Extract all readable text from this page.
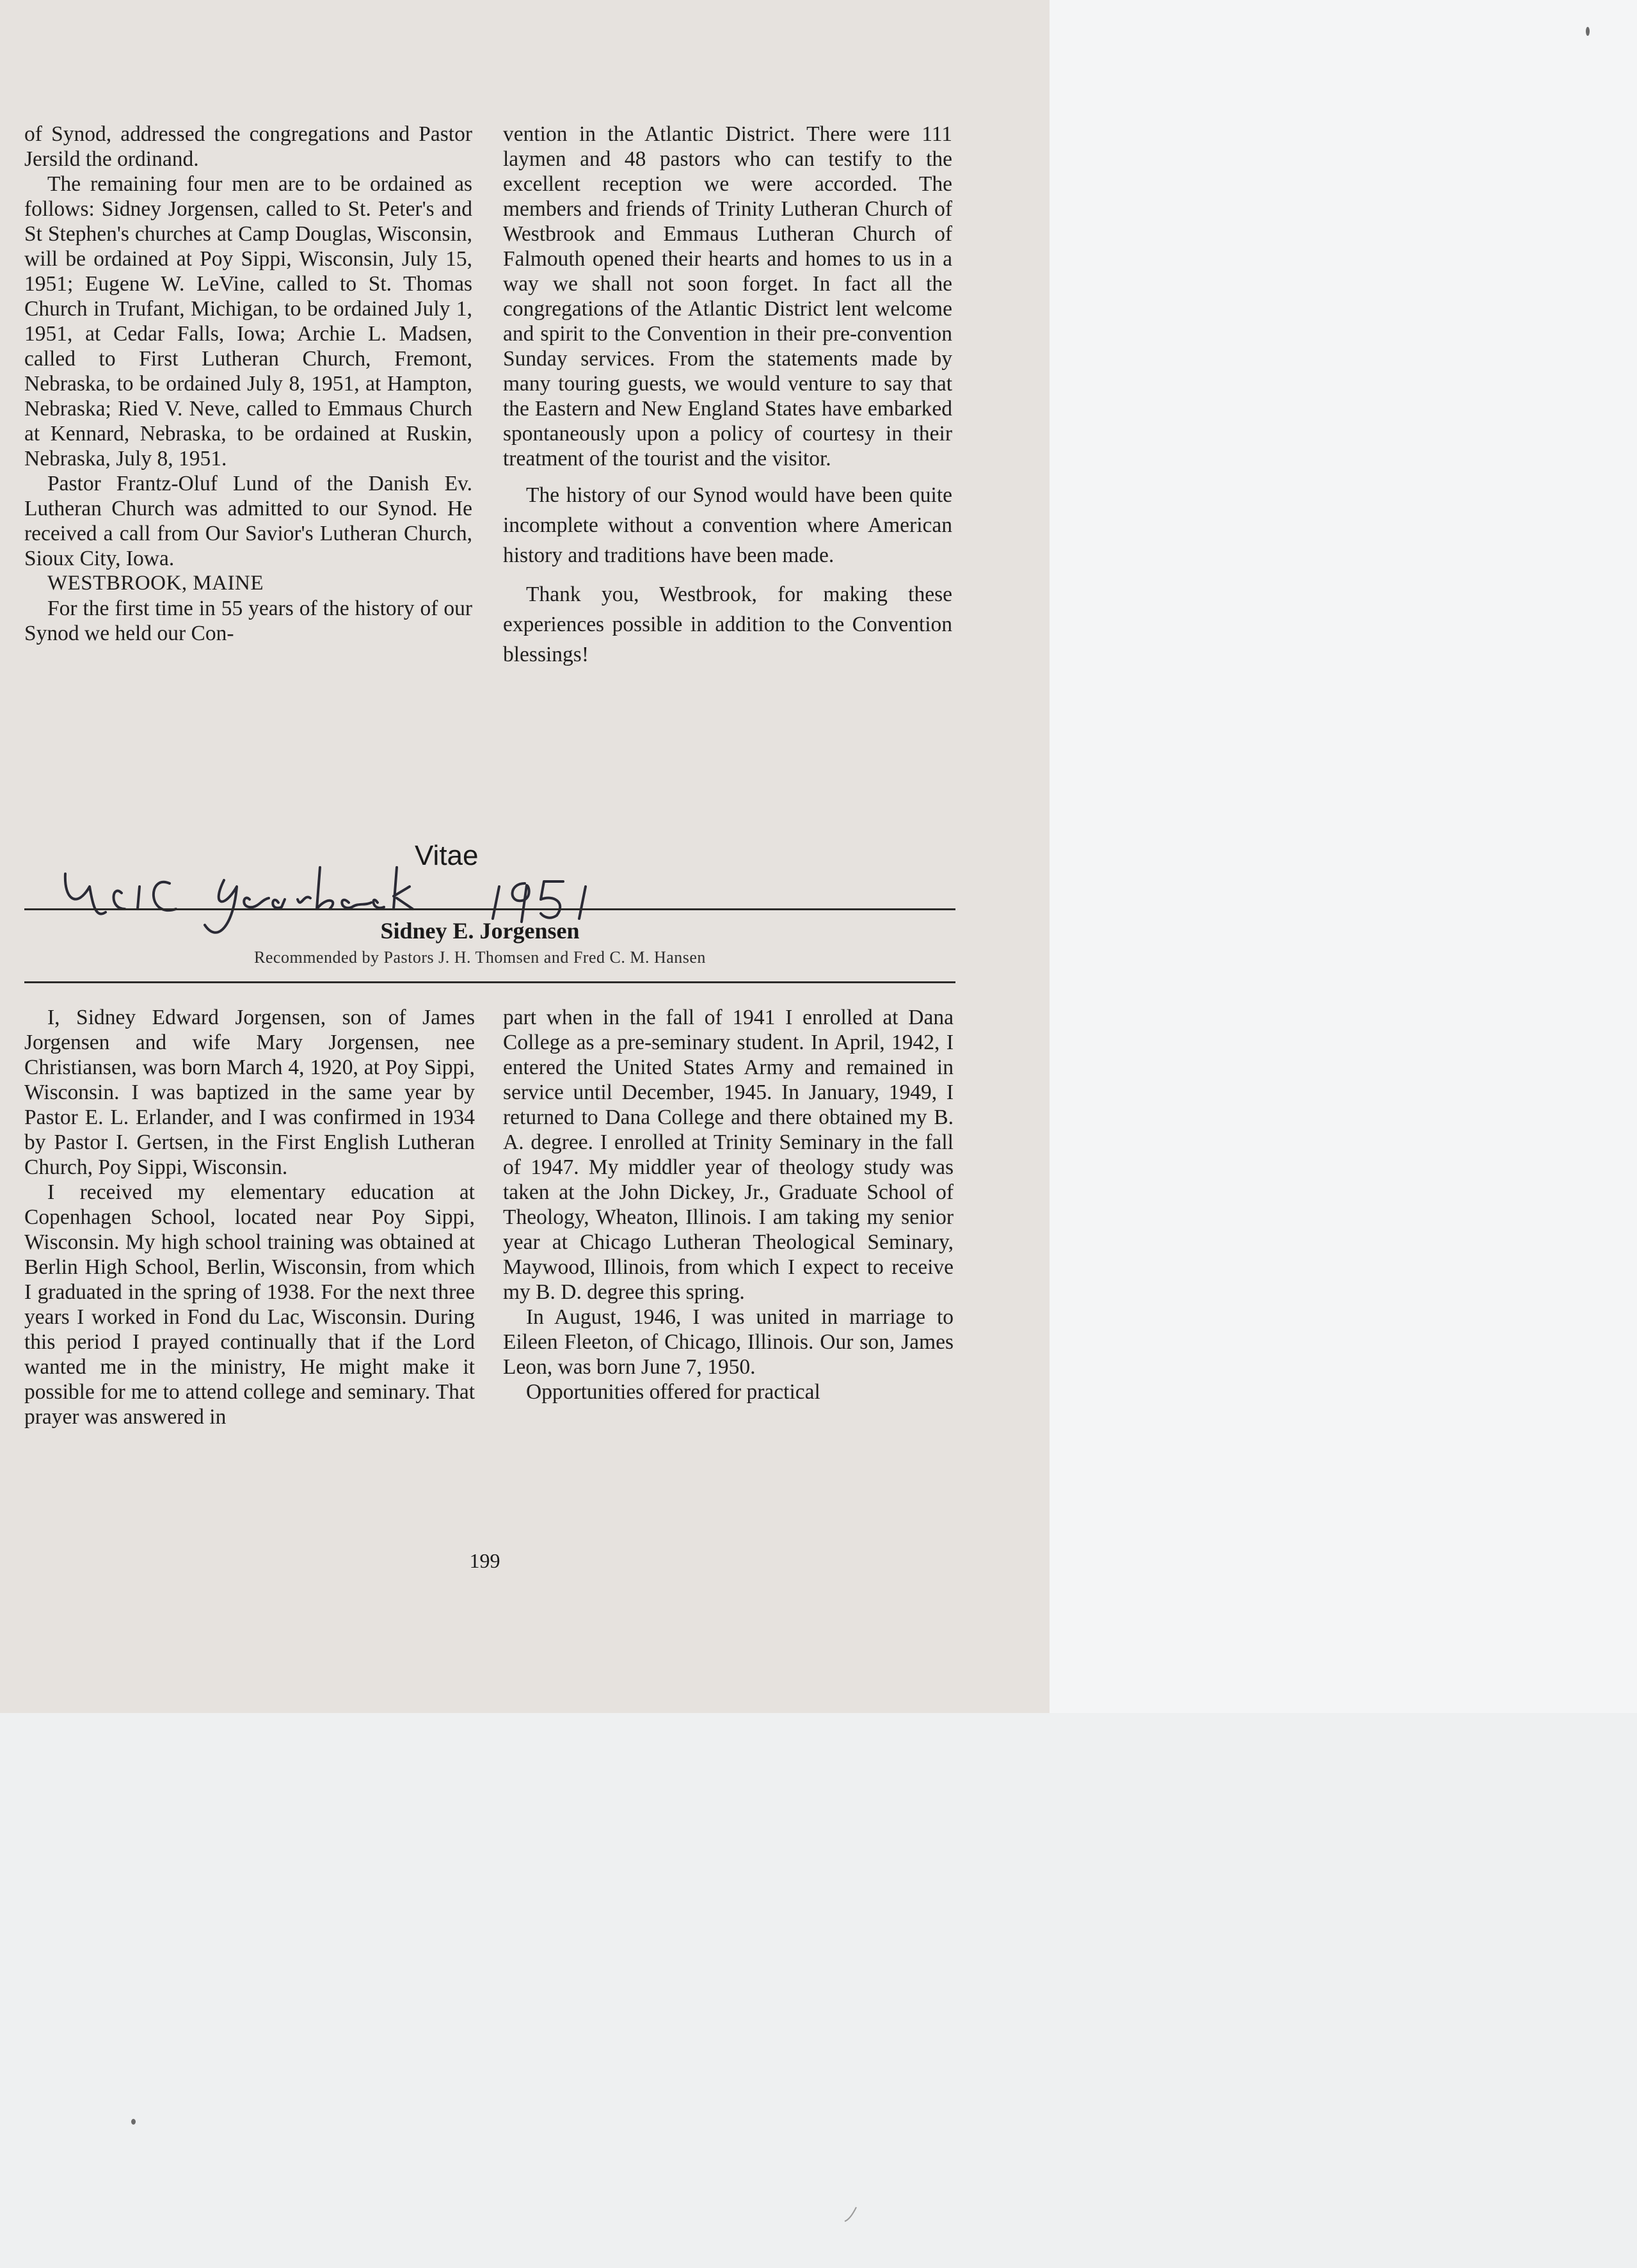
of Synod, addressed the congregations and Pastor Jersild the ordinand.

The remaining four men are to be ordained as follows: Sidney Jorgensen, called to St. Peter's and St Stephen's churches at Camp Douglas, Wisconsin, will be ordained at Poy Sippi, Wisconsin, July 15, 1951; Eugene W. LeVine, called to St. Thomas Church in Trufant, Michigan, to be ordained July 1, 1951, at Cedar Falls, Iowa; Archie L. Madsen, called to First Lutheran Church, Fremont, Nebraska, to be ordained July 8, 1951, at Hampton, Nebraska; Ried V. Neve, called to Emmaus Church at Kennard, Nebraska, to be ordained at Ruskin, Nebraska, July 8, 1951.

Pastor Frantz-Oluf Lund of the Danish Ev. Lutheran Church was admitted to our Synod. He received a call from Our Savior's Lutheran Church, Sioux City, Iowa.

WESTBROOK, MAINE

For the first time in 55 years of the history of our Synod we held our Con-

vention in the Atlantic District. There were 111 laymen and 48 pastors who can testify to the excellent reception we were accorded. The members and friends of Trinity Lutheran Church of Westbrook and Emmaus Lutheran Church of Falmouth opened their hearts and homes to us in a way we shall not soon forget. In fact all the congregations of the Atlantic District lent welcome and spirit to the Convention in their pre-convention Sunday services. From the statements made by many touring guests, we would venture to say that the Eastern and New England States have embarked spontaneously upon a policy of courtesy in their treatment of the tourist and the visitor.

The history of our Synod would have been quite incomplete without a convention where American history and traditions have been made.

Thank you, Westbrook, for making these experiences possible in addition to the Convention blessings!

Vitae
Sidney E. Jorgensen
Recommended by Pastors J. H. Thomsen and Fred C. M. Hansen

I, Sidney Edward Jorgensen, son of James Jorgensen and wife Mary Jorgensen, nee Christiansen, was born March 4, 1920, at Poy Sippi, Wisconsin. I was baptized in the same year by Pastor E. L. Erlander, and I was confirmed in 1934 by Pastor I. Gertsen, in the First English Lutheran Church, Poy Sippi, Wisconsin.

I received my elementary education at Copenhagen School, located near Poy Sippi, Wisconsin. My high school training was obtained at Berlin High School, Berlin, Wisconsin, from which I graduated in the spring of 1938. For the next three years I worked in Fond du Lac, Wisconsin. During this period I prayed continually that if the Lord wanted me in the ministry, He might make it possible for me to attend college and seminary. That prayer was answered in

part when in the fall of 1941 I enrolled at Dana College as a pre-seminary student. In April, 1942, I entered the United States Army and remained in service until December, 1945. In January, 1949, I returned to Dana College and there obtained my B. A. degree. I enrolled at Trinity Seminary in the fall of 1947. My middler year of theology study was taken at the John Dickey, Jr., Graduate School of Theology, Wheaton, Illinois. I am taking my senior year at Chicago Lutheran Theological Seminary, Maywood, Illinois, from which I expect to receive my B. D. degree this spring.

In August, 1946, I was united in marriage to Eileen Fleeton, of Chicago, Illinois. Our son, James Leon, was born June 7, 1950.

Opportunities offered for practical

199
